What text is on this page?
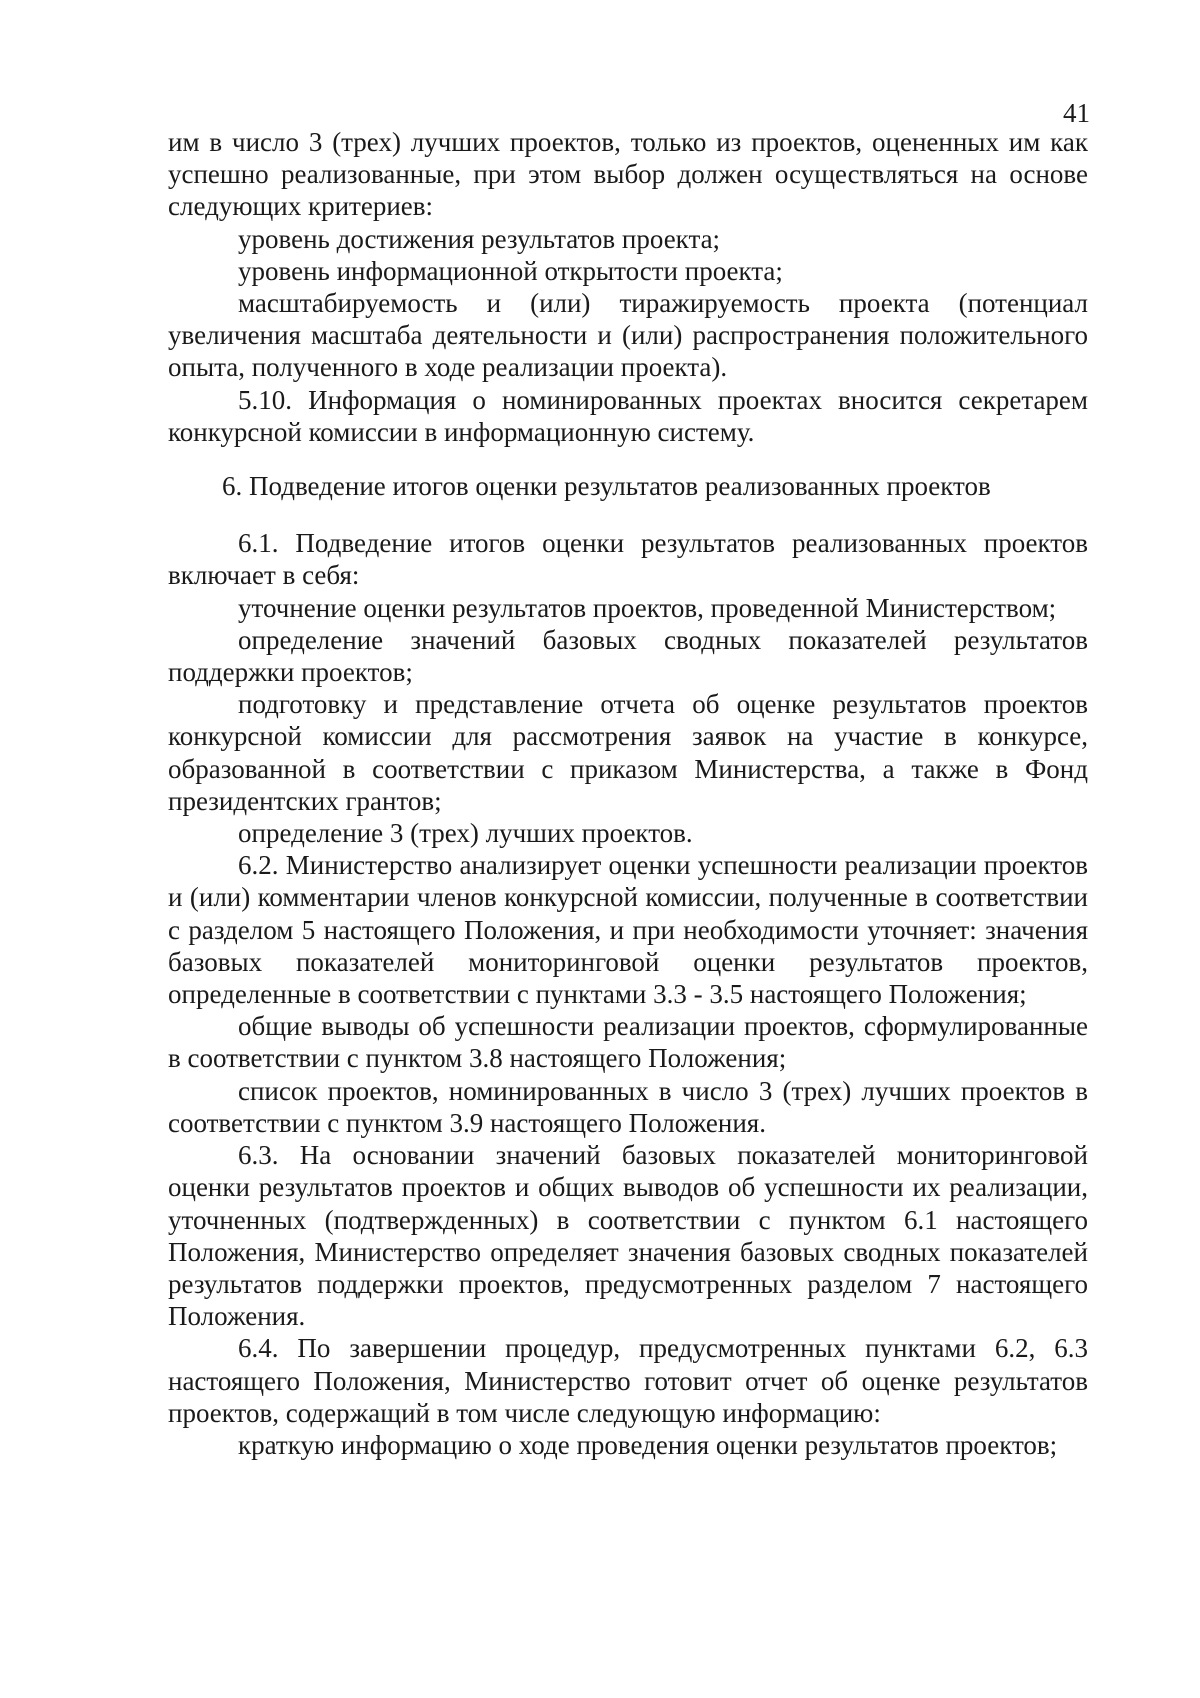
41

им в число 3 (трех) лучших проектов, только из проектов, оцененных им как успешно реализованные, при этом выбор должен осуществляться на основе следующих критериев:

уровень достижения результатов проекта;

уровень информационной открытости проекта;

масштабируемость и (или) тиражируемость проекта (потенциал увеличения масштаба деятельности и (или) распространения положительного опыта, полученного в ходе реализации проекта).

5.10. Информация о номинированных проектах вносится секретарем конкурсной комиссии в информационную систему.

6. Подведение итогов оценки результатов реализованных проектов

6.1. Подведение итогов оценки результатов реализованных проектов включает в себя:

уточнение оценки результатов проектов, проведенной Министерством;

определение значений базовых сводных показателей результатов поддержки проектов;

подготовку и представление отчета об оценке результатов проектов конкурсной комиссии для рассмотрения заявок на участие в конкурсе, образованной в соответствии с приказом Министерства, а также в Фонд президентских грантов;

определение 3 (трех) лучших проектов.

6.2. Министерство анализирует оценки успешности реализации проектов и (или) комментарии членов конкурсной комиссии, полученные в соответствии с разделом 5 настоящего Положения, и при необходимости уточняет: значения базовых показателей мониторинговой оценки результатов проектов, определенные в соответствии с пунктами 3.3 - 3.5 настоящего Положения;

общие выводы об успешности реализации проектов, сформулированные в соответствии с пунктом 3.8 настоящего Положения;

список проектов, номинированных в число 3 (трех) лучших проектов в соответствии с пунктом 3.9 настоящего Положения.

6.3. На основании значений базовых показателей мониторинговой оценки результатов проектов и общих выводов об успешности их реализации, уточненных (подтвержденных) в соответствии с пунктом 6.1 настоящего Положения, Министерство определяет значения базовых сводных показателей результатов поддержки проектов, предусмотренных разделом 7 настоящего Положения.

6.4. По завершении процедур, предусмотренных пунктами 6.2, 6.3 настоящего Положения, Министерство готовит отчет об оценке результатов проектов, содержащий в том числе следующую информацию:

краткую информацию о ходе проведения оценки результатов проектов;
